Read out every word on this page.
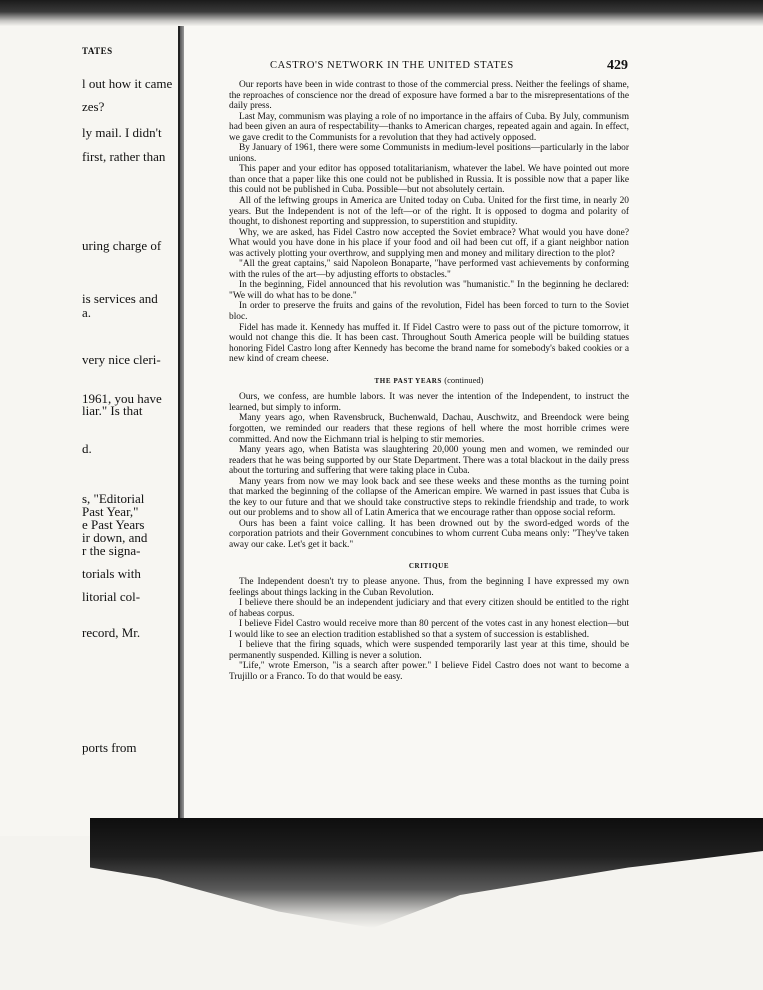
TATES
l out how it came
zes?
ly mail. I didn't
first, rather than
uring charge of
is services and
a.
very nice cleri-
1961, you have
liar." Is that
d.
s, "Editorial
Past Year,"
e Past Years
ir down, and
r the signa-
torials with
litorial col-
record, Mr.
ports from
CASTRO'S NETWORK IN THE UNITED STATES	429

Our reports have been in wide contrast to those of the commercial press. Neither the feelings of shame, the reproaches of conscience nor the dread of exposure have formed a bar to the misrepresentations of the daily press.

Last May, communism was playing a role of no importance in the affairs of Cuba. By July, communism had been given an aura of respectability—thanks to American charges, repeated again and again. In effect, we gave credit to the Communists for a revolution that they had actively opposed.

By January of 1961, there were some Communists in medium-level positions—particularly in the labor unions.

This paper and your editor has opposed totalitarianism, whatever the label. We have pointed out more than once that a paper like this one could not be published in Russia. It is possible now that a paper like this could not be published in Cuba. Possible—but not absolutely certain.

All of the leftwing groups in America are United today on Cuba. United for the first time, in nearly 20 years. But the Independent is not of the left—or of the right. It is opposed to dogma and polarity of thought, to dishonest reporting and suppression, to superstition and stupidity.

Why, we are asked, has Fidel Castro now accepted the Soviet embrace? What would you have done? What would you have done in his place if your food and oil had been cut off, if a giant neighbor nation was actively plotting your overthrow, and supplying men and money and military direction to the plot?

"All the great captains," said Napoleon Bonaparte, "have performed vast achievements by conforming with the rules of the art—by adjusting efforts to obstacles."

In the beginning, Fidel announced that his revolution was "humanistic." In the beginning he declared: "We will do what has to be done."

In order to preserve the fruits and gains of the revolution, Fidel has been forced to turn to the Soviet bloc.

Fidel has made it. Kennedy has muffed it. If Fidel Castro were to pass out of the picture tomorrow, it would not change this die. It has been cast. Throughout South America people will be building statues honoring Fidel Castro long after Kennedy has become the brand name for somebody's baked cookies or a new kind of cream cheese.

THE PAST YEARS (continued)

Ours, we confess, are humble labors. It was never the intention of the Independent, to instruct the learned, but simply to inform.

Many years ago, when Ravensbruck, Buchenwald, Dachau, Auschwitz, and Breendock were being forgotten, we reminded our readers that these regions of hell where the most horrible crimes were committed. And now the Eichmann trial is helping to stir memories.

Many years ago, when Batista was slaughtering 20,000 young men and women, we reminded our readers that he was being supported by our State Department. There was a total blackout in the daily press about the torturing and suffering that were taking place in Cuba.

Many years from now we may look back and see these weeks and these months as the turning point that marked the beginning of the collapse of the American empire. We warned in past issues that Cuba is the key to our future and that we should take constructive steps to rekindle friendship and trade, to work out our problems and to show all of Latin America that we encourage rather than oppose social reform.

Ours has been a faint voice calling. It has been drowned out by the sword-edged words of the corporation patriots and their Government concubines to whom current Cuba means only: "They've taken away our cake. Let's get it back."

CRITIQUE

The Independent doesn't try to please anyone. Thus, from the beginning I have expressed my own feelings about things lacking in the Cuban Revolution.

I believe there should be an independent judiciary and that every citizen should be entitled to the right of habeas corpus.

I believe Fidel Castro would receive more than 80 percent of the votes cast in any honest election—but I would like to see an election tradition established so that a system of succession is established.

I believe that the firing squads, which were suspended temporarily last year at this time, should be permanently suspended. Killing is never a solution.

"Life," wrote Emerson, "is a search after power." I believe Fidel Castro does not want to become a Trujillo or a Franco. To do that would be easy.
